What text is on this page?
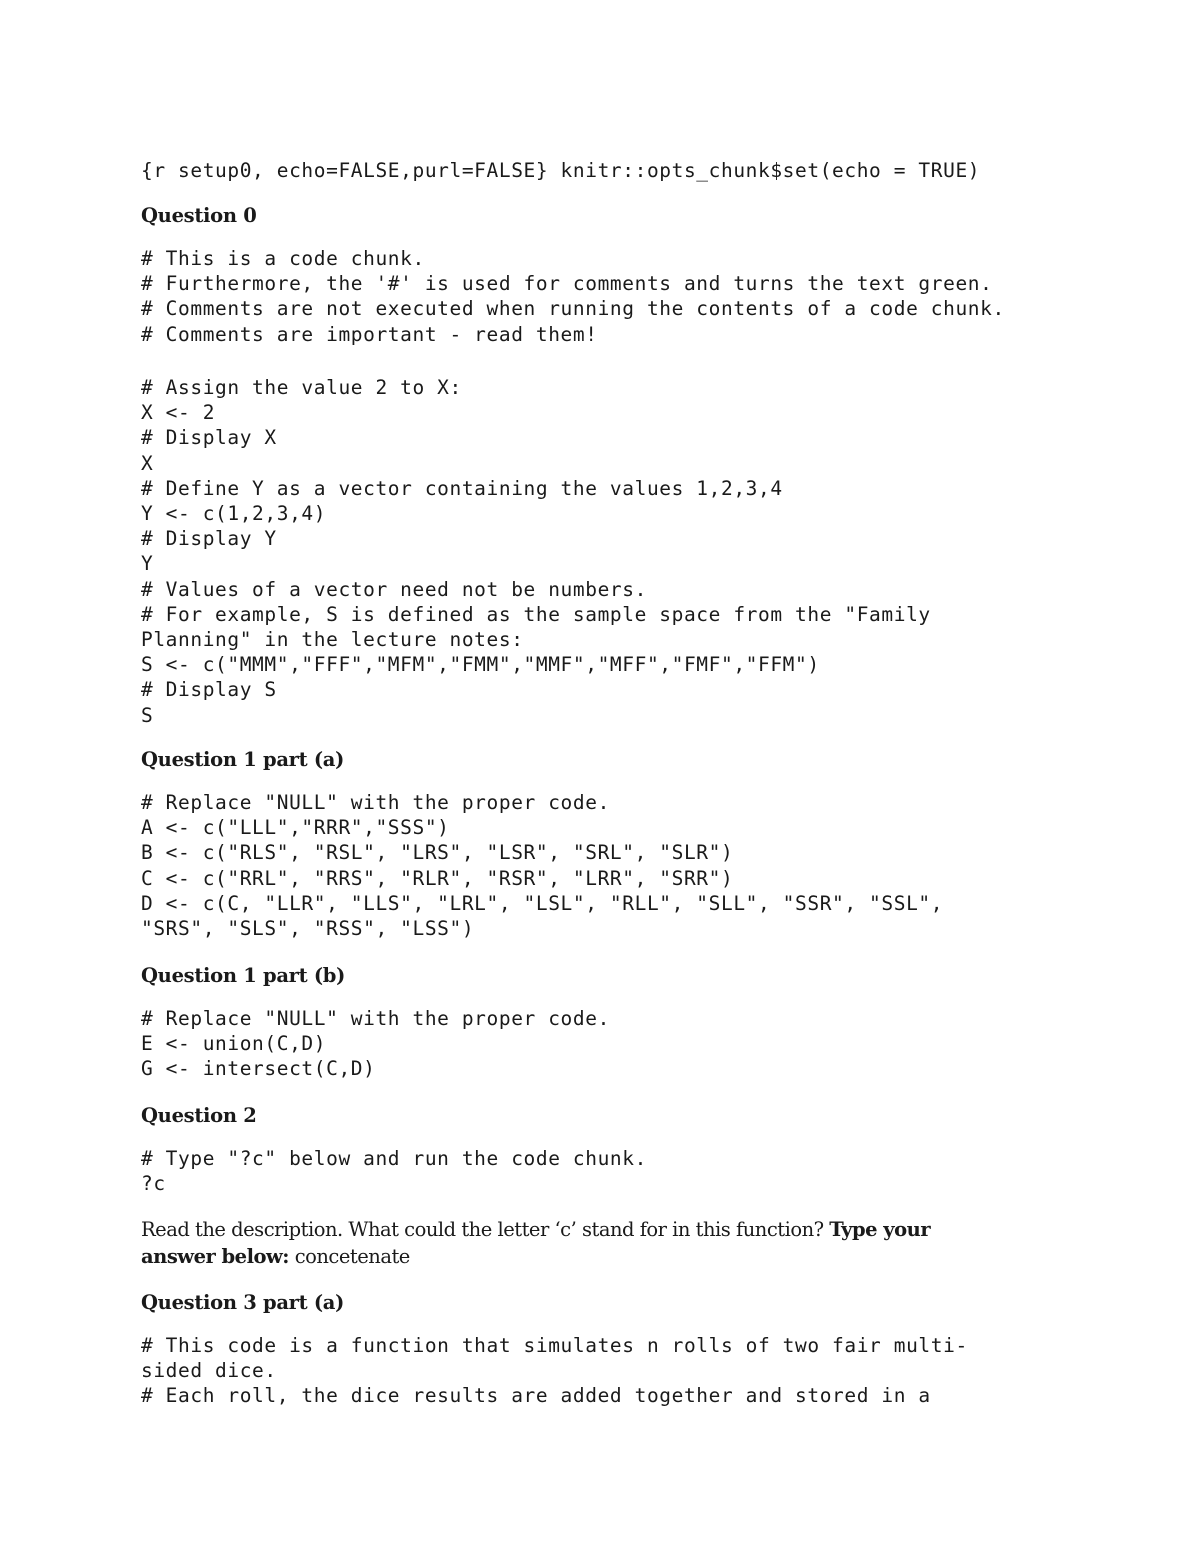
{r setup0, echo=FALSE,purl=FALSE} knitr::opts_chunk$set(echo = TRUE)

Question 0

# This is a code chunk.

# Furthermore, the '#' is used for comments and turns the text green.

# Comments are not executed when running the contents of a code chunk.

# Comments are important - read them!

# Assign the value 2 to X:

X <- 2

# Display X

X

# Define Y as a vector containing the values 1,2,3,4

Y <- c(1,2,3,4)

# Display Y

Y

# Values of a vector need not be numbers.

# For example, S is defined as the sample space from the "Family

Planning" in the lecture notes:

S <- c("MMM","FFF","MFM","FMM","MMF","MFF","FMF","FFM")

# Display S

S

Question 1 part (a)

# Replace "NULL" with the proper code.

A <- c("LLL","RRR","SSS")

B <- c("RLS", "RSL", "LRS", "LSR", "SRL", "SLR")

C <- c("RRL", "RRS", "RLR", "RSR", "LRR", "SRR")

D <- c(C, "LLR", "LLS", "LRL", "LSL", "RLL", "SLL", "SSR", "SSL",

"SRS", "SLS", "RSS", "LSS")

Question 1 part (b)

# Replace "NULL" with the proper code.

E <- union(C,D)

G <- intersect(C,D)

Question 2

# Type "?c" below and run the code chunk.

?c

Read the description. What could the letter ‘c’ stand for in this function? Type your answer below: concetenate

Question 3 part (a)

# This code is a function that simulates n rolls of two fair multi-

sided dice.

# Each roll, the dice results are added together and stored in a
